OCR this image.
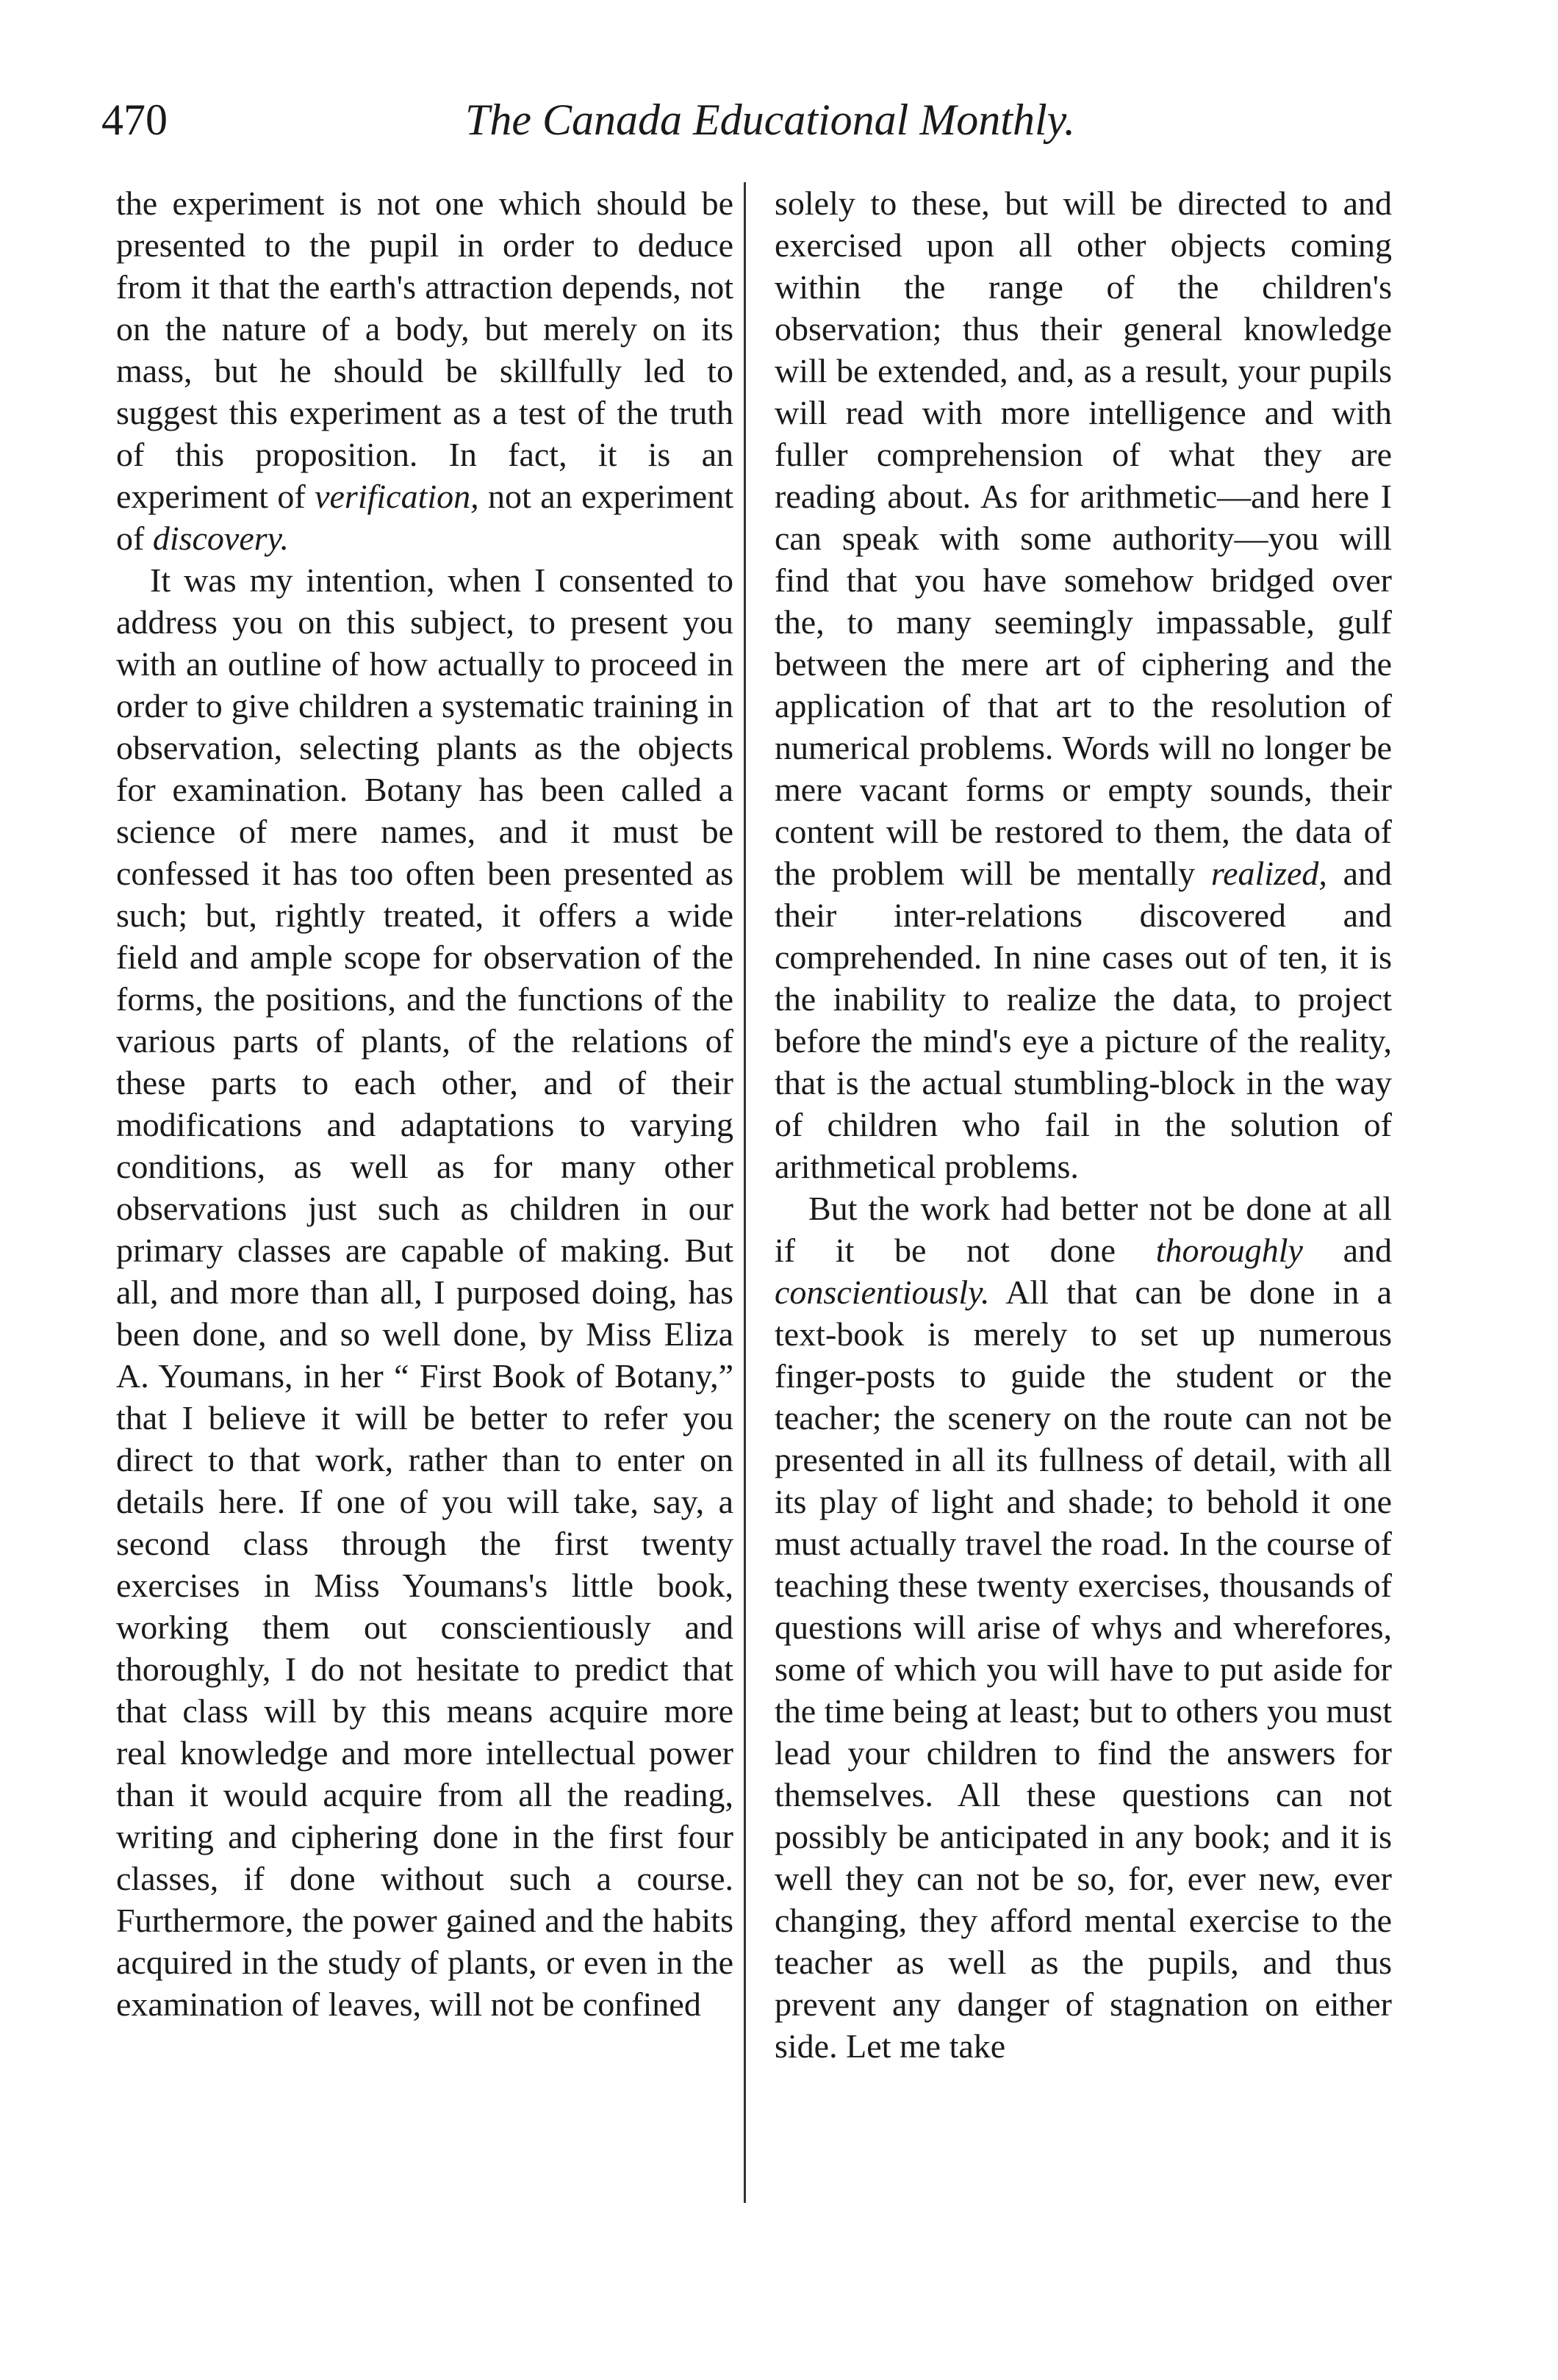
470	The Canada Educational Monthly.

the experiment is not one which should be presented to the pupil in order to deduce from it that the earth's attraction depends, not on the nature of a body, but merely on its mass, but he should be skillfully led to suggest this experiment as a test of the truth of this proposition. In fact, it is an experiment of verification, not an experiment of discovery.

It was my intention, when I consented to address you on this subject, to present you with an outline of how actually to proceed in order to give children a systematic training in observation, selecting plants as the objects for examination. Botany has been called a science of mere names, and it must be confessed it has too often been presented as such; but, rightly treated, it offers a wide field and ample scope for observation of the forms, the positions, and the functions of the various parts of plants, of the relations of these parts to each other, and of their modifications and adaptations to varying conditions, as well as for many other observations just such as children in our primary classes are capable of making. But all, and more than all, I purposed doing, has been done, and so well done, by Miss Eliza A. Youmans, in her “ First Book of Botany,” that I believe it will be better to refer you direct to that work, rather than to enter on details here. If one of you will take, say, a second class through the first twenty exercises in Miss Youmans's little book, working them out conscientiously and thoroughly, I do not hesitate to predict that that class will by this means acquire more real knowledge and more intellectual power than it would acquire from all the reading, writing and ciphering done in the first four classes, if done without such a course. Furthermore, the power gained and the habits acquired in the study of plants, or even in the examination of leaves, will not be confined

solely to these, but will be directed to and exercised upon all other objects coming within the range of the children's observation; thus their general knowledge will be extended, and, as a result, your pupils will read with more intelligence and with fuller comprehension of what they are reading about. As for arithmetic—and here I can speak with some authority—you will find that you have somehow bridged over the, to many seemingly impassable, gulf between the mere art of ciphering and the application of that art to the resolution of numerical problems. Words will no longer be mere vacant forms or empty sounds, their content will be restored to them, the data of the problem will be mentally realized, and their inter-relations discovered and comprehended. In nine cases out of ten, it is the inability to realize the data, to project before the mind's eye a picture of the reality, that is the actual stumbling-block in the way of children who fail in the solution of arithmetical problems.

But the work had better not be done at all if it be not done thoroughly and conscientiously. All that can be done in a text-book is merely to set up numerous finger-posts to guide the student or the teacher; the scenery on the route can not be presented in all its fullness of detail, with all its play of light and shade; to behold it one must actually travel the road. In the course of teaching these twenty exercises, thousands of questions will arise of whys and wherefores, some of which you will have to put aside for the time being at least; but to others you must lead your children to find the answers for themselves. All these questions can not possibly be anticipated in any book; and it is well they can not be so, for, ever new, ever changing, they afford mental exercise to the teacher as well as the pupils, and thus prevent any danger of stagnation on either side. Let me take
